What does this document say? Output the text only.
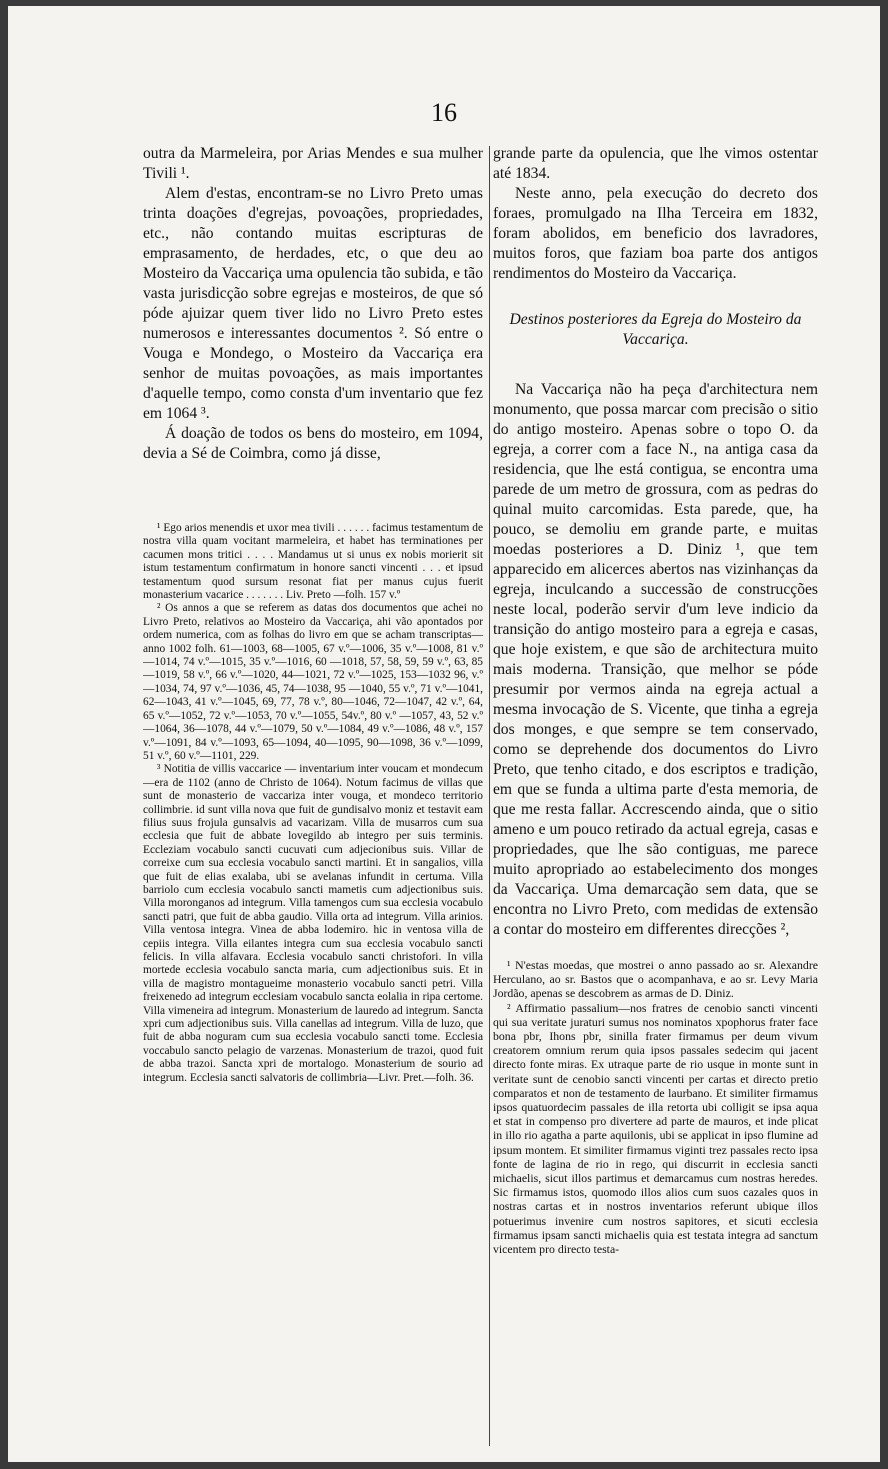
16

outra da Marmeleira, por Arias Mendes e sua mulher Tivili ¹.

Alem d'estas, encontram-se no Livro Preto umas trinta doações d'egrejas, povoações, propriedades, etc., não contando muitas escripturas de emprasamento, de herdades, etc, o que deu ao Mosteiro da Vaccariça uma opulencia tão subida, e tão vasta jurisdicção sobre egrejas e mosteiros, de que só póde ajuizar quem tiver lido no Livro Preto estes numerosos e interessantes documentos ². Só entre o Vouga e Mondego, o Mosteiro da Vaccariça era senhor de muitas povoações, as mais importantes d'aquelle tempo, como consta d'um inventario que fez em 1064 ³.

Á doação de todos os bens do mosteiro, em 1094, devia a Sé de Coimbra, como já disse,

¹ Ego arios menendis et uxor mea tivili . . . . . . facimus testamentum de nostra villa quam vocitant marmeleira, et habet has terminationes per cacumen mons tritici . . . . Mandamus ut si unus ex nobis morierit sit istum testamentum confirmatum in honore sancti vincenti . . . et ipsud testamentum quod sursum resonat fiat per manus cujus fuerit monasterium vacarice . . . . . . . Liv. Preto —folh. 157 v.º

² Os annos a que se referem as datas dos documentos que achei no Livro Preto, relativos ao Mosteiro da Vaccariça, ahi vão apontados por ordem numerica, com as folhas do livro em que se acham transcriptas—anno 1002 folh. 61—1003, 68—1005, 67 v.º—1006, 35 v.º—1008, 81 v.º—1014, 74 v.º—1015, 35 v.º—1016, 60 —1018, 57, 58, 59, 59 v.º, 63, 85—1019, 58 v.º, 66 v.º—1020, 44—1021, 72 v.º—1025, 153—1032 96, v.º—1034, 74, 97 v.º—1036, 45, 74—1038, 95 —1040, 55 v.º, 71 v.º—1041, 62—1043, 41 v.º—1045, 69, 77, 78 v.º, 80—1046, 72—1047, 42 v.º, 64, 65 v.º—1052, 72 v.º—1053, 70 v.º—1055, 54v.º, 80 v.º —1057, 43, 52 v.º—1064, 36—1078, 44 v.º—1079, 50 v.º—1084, 49 v.º—1086, 48 v.º, 157 v.º—1091, 84 v.º—1093, 65—1094, 40—1095, 90—1098, 36 v.º—1099, 51 v.º, 60 v.º—1101, 229.

³ Notitia de villis vaccarice — inventarium inter voucam et mondecum—era de 1102 (anno de Christo de 1064). Notum facimus de villas que sunt de monasterio de vaccariza inter vouga, et mondeco territorio collimbrie. id sunt villa nova que fuit de gundisalvo moniz et testavit eam filius suus frojula gunsalvis ad vacarizam. Villa de musarros cum sua ecclesia que fuit de abbate lovegildo ab integro per suis terminis. Eccleziam vocabulo sancti cucuvati cum adjecionibus suis. Villar de correixe cum sua ecclesia vocabulo sancti martini. Et in sangalios, villa que fuit de elias exalaba, ubi se avelanas infundit in certuma. Villa barriolo cum ecclesia vocabulo sancti mametis cum adjectionibus suis. Villa moronganos ad integrum. Villa tamengos cum sua ecclesia vocabulo sancti patri, que fuit de abba gaudio. Villa orta ad integrum. Villa arinios. Villa ventosa integra. Vinea de abba lodemiro. hic in ventosa villa de cepiis integra. Villa eilantes integra cum sua ecclesia vocabulo sancti felicis. In villa alfavara. Ecclesia vocabulo sancti christofori. In villa mortede ecclesia vocabulo sancta maria, cum adjectionibus suis. Et in villa de magistro montagueime monasterio vocabulo sancti petri. Villa freixenedo ad integrum ecclesiam vocabulo sancta eolalia in ripa certome. Villa vimeneira ad integrum. Monasterium de lauredo ad integrum. Sancta xpri cum adjectionibus suis. Villa canellas ad integrum. Villa de luzo, que fuit de abba noguram cum sua ecclesia vocabulo sancti tome. Ecclesia voccabulo sancto pelagio de varzenas. Monasterium de trazoi, quod fuit de abba trazoi. Sancta xpri de mortalogo. Monasterium de sourio ad integrum. Ecclesia sancti salvatoris de collimbria—Livr. Pret.—folh. 36.

grande parte da opulencia, que lhe vimos ostentar até 1834.

Neste anno, pela execução do decreto dos foraes, promulgado na Ilha Terceira em 1832, foram abolidos, em beneficio dos lavradores, muitos foros, que faziam boa parte dos antigos rendimentos do Mosteiro da Vaccariça.

Destinos posteriores da Egreja do Mosteiro da Vaccariça.

Na Vaccariça não ha peça d'architectura nem monumento, que possa marcar com precisão o sitio do antigo mosteiro. Apenas sobre o topo O. da egreja, a correr com a face N., na antiga casa da residencia, que lhe está contigua, se encontra uma parede de um metro de grossura, com as pedras do quinal muito carcomidas. Esta parede, que, ha pouco, se demoliu em grande parte, e muitas moedas posteriores a D. Diniz ¹, que tem apparecido em alicerces abertos nas vizinhanças da egreja, inculcando a successão de construcções neste local, poderão servir d'um leve indicio da transição do antigo mosteiro para a egreja e casas, que hoje existem, e que são de architectura muito mais moderna. Transição, que melhor se póde presumir por vermos ainda na egreja actual a mesma invocação de S. Vicente, que tinha a egreja dos monges, e que sempre se tem conservado, como se deprehende dos documentos do Livro Preto, que tenho citado, e dos escriptos e tradição, em que se funda a ultima parte d'esta memoria, de que me resta fallar. Accrescendo ainda, que o sitio ameno e um pouco retirado da actual egreja, casas e propriedades, que lhe são contiguas, me parece muito apropriado ao estabelecimento dos monges da Vaccariça. Uma demarcação sem data, que se encontra no Livro Preto, com medidas de extensão a contar do mosteiro em differentes direcções ²,

¹ N'estas moedas, que mostrei o anno passado ao sr. Alexandre Herculano, ao sr. Bastos que o acompanhava, e ao sr. Levy Maria Jordão, apenas se descobrem as armas de D. Diniz.

² Affirmatio passalium—nos fratres de cenobio sancti vincenti qui sua veritate juraturi sumus nos nominatos xpophorus frater face bona pbr, Ihons pbr, sinilla frater firmamus per deum vivum creatorem omnium rerum quia ipsos passales sedecim qui jacent directo fonte miras. Ex utraque parte de rio usque in monte sunt in veritate sunt de cenobio sancti vincenti per cartas et directo pretio comparatos et non de testamento de laurbano. Et similiter firmamus ipsos quatuordecim passales de illa retorta ubi colligit se ipsa aqua et stat in compenso pro divertere ad parte de mauros, et inde plicat in illo rio agatha a parte aquilonis, ubi se applicat in ipso flumine ad ipsum montem. Et similiter firmamus viginti trez passales recto ipsa fonte de lagina de rio in rego, qui discurrit in ecclesia sancti michaelis, sicut illos partimus et demarcamus cum nostras heredes. Sic firmamus istos, quomodo illos alios cum suos cazales quos in nostras cartas et in nostros inventarios referunt ubique illos potuerimus invenire cum nostros sapitores, et sicuti ecclesia firmamus ipsam sancti michaelis quia est testata integra ad sanctum vicentem pro directo testa-
